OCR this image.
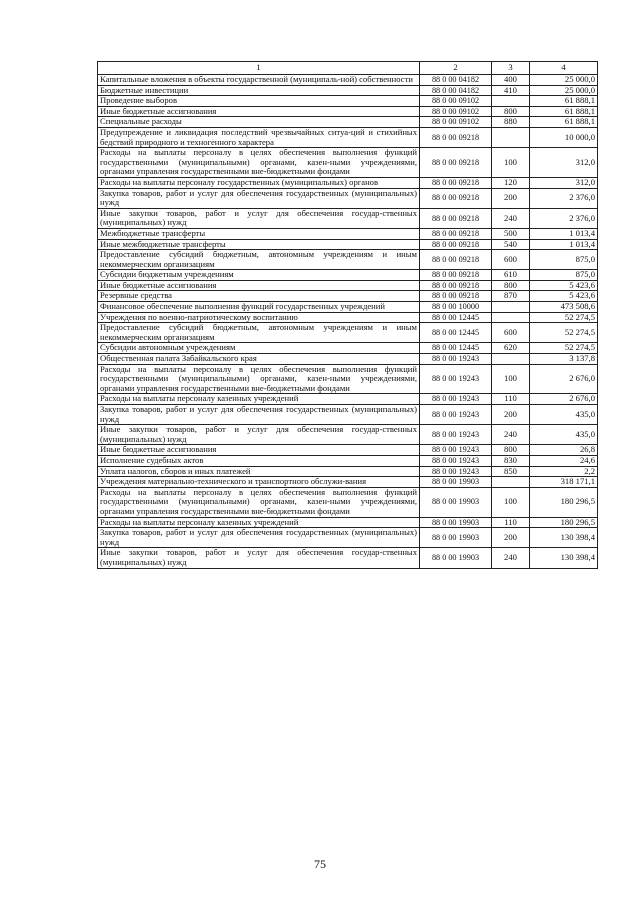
1	2	3	4
Капитальные вложения в объекты государственной (муниципаль-ной) собственности	88 0 00 04182	400	25 000,0
Бюджетные инвестиции	88 0 00 04182	410	25 000,0
Проведение выборов	88 0 00 09102		61 888,1
Иные бюджетные ассигнования	88 0 00 09102	800	61 888,1
Специальные расходы	88 0 00 09102	880	61 888,1
Предупреждение и ликвидация последствий чрезвычайных ситуа-ций и стихийных бедствий природного и техногенного характера	88 0 00 09218		10 000,0
Расходы на выплаты персоналу в целях обеспечения выполнения функций государственными (муниципальными) органами, казен-ными учреждениями, органами управления государственными вне-бюджетными фондами	88 0 00 09218	100	312,0
Расходы на выплаты персоналу государственных (муниципальных) органов	88 0 00 09218	120	312,0
Закупка товаров, работ и услуг для обеспечения государственных (муниципальных) нужд	88 0 00 09218	200	2 376,0
Иные закупки товаров, работ и услуг для обеспечения государ-ственных (муниципальных) нужд	88 0 00 09218	240	2 376,0
Межбюджетные трансферты	88 0 00 09218	500	1 013,4
Иные межбюджетные трансферты	88 0 00 09218	540	1 013,4
Предоставление субсидий бюджетным, автономным учреждениям и иным некоммерческим организациям	88 0 00 09218	600	875,0
Субсидии бюджетным учреждениям	88 0 00 09218	610	875,0
Иные бюджетные ассигнования	88 0 00 09218	800	5 423,6
Резервные средства	88 0 00 09218	870	5 423,6
Финансовое обеспечение выполнения функций государственных учреждений	88 0 00 10000		473 508,6
Учреждения по военно-патриотическому воспитанию	88 0 00 12445		52 274,5
Предоставление субсидий бюджетным, автономным учреждениям и иным некоммерческим организациям	88 0 00 12445	600	52 274,5
Субсидии автономным учреждениям	88 0 00 12445	620	52 274,5
Общественная палата Забайкальского края	88 0 00 19243		3 137,8
Расходы на выплаты персоналу в целях обеспечения выполнения функций государственными (муниципальными) органами, казен-ными учреждениями, органами управления государственными вне-бюджетными фондами	88 0 00 19243	100	2 676,0
Расходы на выплаты персоналу казенных учреждений	88 0 00 19243	110	2 676,0
Закупка товаров, работ и услуг для обеспечения государственных (муниципальных) нужд	88 0 00 19243	200	435,0
Иные закупки товаров, работ и услуг для обеспечения государ-ственных (муниципальных) нужд	88 0 00 19243	240	435,0
Иные бюджетные ассигнования	88 0 00 19243	800	26,8
Исполнение судебных актов	88 0 00 19243	830	24,6
Уплата налогов, сборов и иных платежей	88 0 00 19243	850	2,2
Учреждения материально-технического и транспортного обслужи-вания	88 0 00 19903		318 171,1
Расходы на выплаты персоналу в целях обеспечения выполнения функций государственными (муниципальными) органами, казен-ными учреждениями, органами управления государственными вне-бюджетными фондами	88 0 00 19903	100	180 296,5
Расходы на выплаты персоналу казенных учреждений	88 0 00 19903	110	180 296,5
Закупка товаров, работ и услуг для обеспечения государственных (муниципальных) нужд	88 0 00 19903	200	130 398,4
Иные закупки товаров, работ и услуг для обеспечения государ-ственных (муниципальных) нужд	88 0 00 19903	240	130 398,4
75
